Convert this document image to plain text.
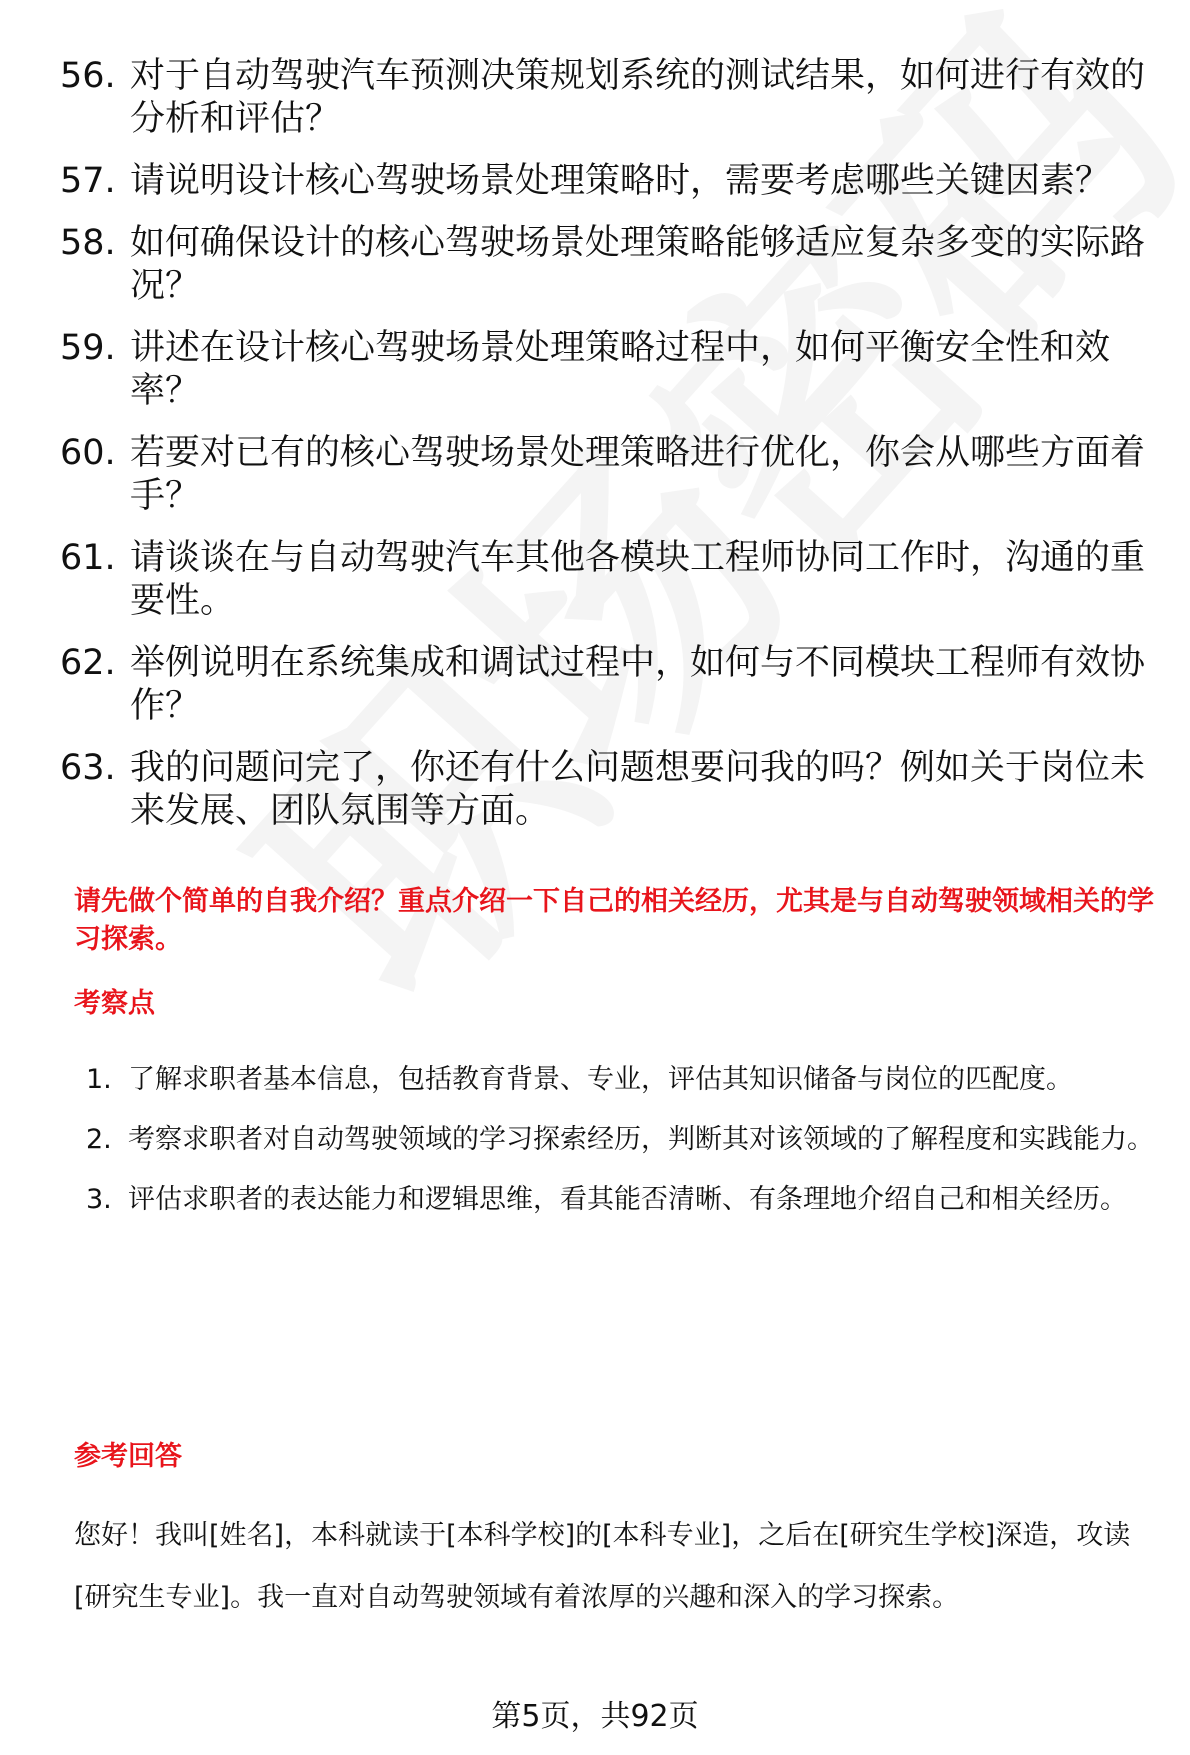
56. 对于自动驾驶汽车预测决策规划系统的测试结果，如何进行有效的分析和评估？
57. 请说明设计核心驾驶场景处理策略时，需要考虑哪些关键因素？
58. 如何确保设计的核心驾驶场景处理策略能够适应复杂多变的实际路况？
59. 讲述在设计核心驾驶场景处理策略过程中，如何平衡安全性和效率？
60. 若要对已有的核心驾驶场景处理策略进行优化，你会从哪些方面着手？
61. 请谈谈在与自动驾驶汽车其他各模块工程师协同工作时，沟通的重要性。
62. 举例说明在系统集成和调试过程中，如何与不同模块工程师有效协作？
63. 我的问题问完了，你还有什么问题想要问我的吗？例如关于岗位未来发展、团队氛围等方面。
请先做个简单的自我介绍？重点介绍一下自己的相关经历，尤其是与自动驾驶领域相关的学习探索。
考察点
1. 了解求职者基本信息，包括教育背景、专业，评估其知识储备与岗位的匹配度。
2. 考察求职者对自动驾驶领域的学习探索经历，判断其对该领域的了解程度和实践能力。
3. 评估求职者的表达能力和逻辑思维，看其能否清晰、有条理地介绍自己和相关经历。
参考回答
您好！我叫[姓名]，本科就读于[本科学校]的[本科专业]，之后在[研究生学校]深造，攻读[研究生专业]。我一直对自动驾驶领域有着浓厚的兴趣和深入的学习探索。
第5页，共92页
